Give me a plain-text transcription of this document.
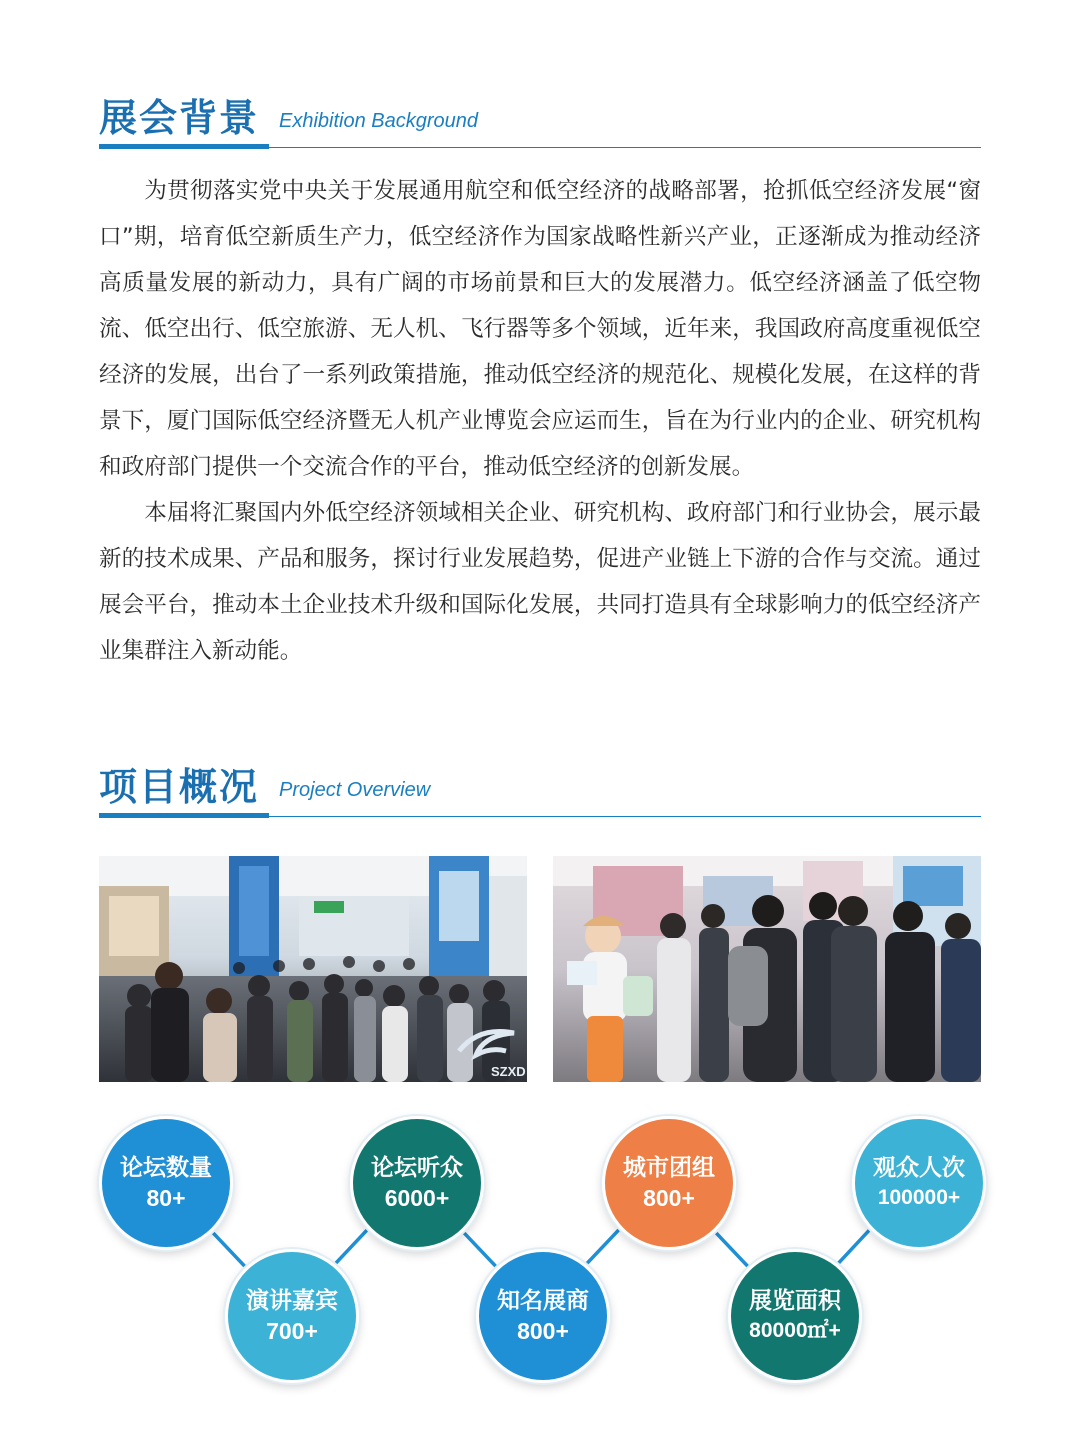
展会背景 Exhibition Background

为贯彻落实党中央关于发展通用航空和低空经济的战略部署，抢抓低空经济发展“窗口”期，培育低空新质生产力，低空经济作为国家战略性新兴产业，正逐渐成为推动经济高质量发展的新动力，具有广阔的市场前景和巨大的发展潜力。低空经济涵盖了低空物流、低空出行、低空旅游、无人机、飞行器等多个领域，近年来，我国政府高度重视低空经济的发展，出台了一系列政策措施，推动低空经济的规范化、规模化发展，在这样的背景下，厦门国际低空经济暨无人机产业博览会应运而生，旨在为行业内的企业、研究机构和政府部门提供一个交流合作的平台，推动低空经济的创新发展。

本届将汇聚国内外低空经济领域相关企业、研究机构、政府部门和行业协会，展示最新的技术成果、产品和服务，探讨行业发展趋势，促进产业链上下游的合作与交流。通过展会平台，推动本土企业技术升级和国际化发展，共同打造具有全球影响力的低空经济产业集群注入新动能。

项目概况 Project Overview
SZXD
论坛数量
80+
演讲嘉宾
700+
论坛听众
6000+
知名展商
800+
城市团组
800+
展览面积
80000㎡+
观众人次
100000+
